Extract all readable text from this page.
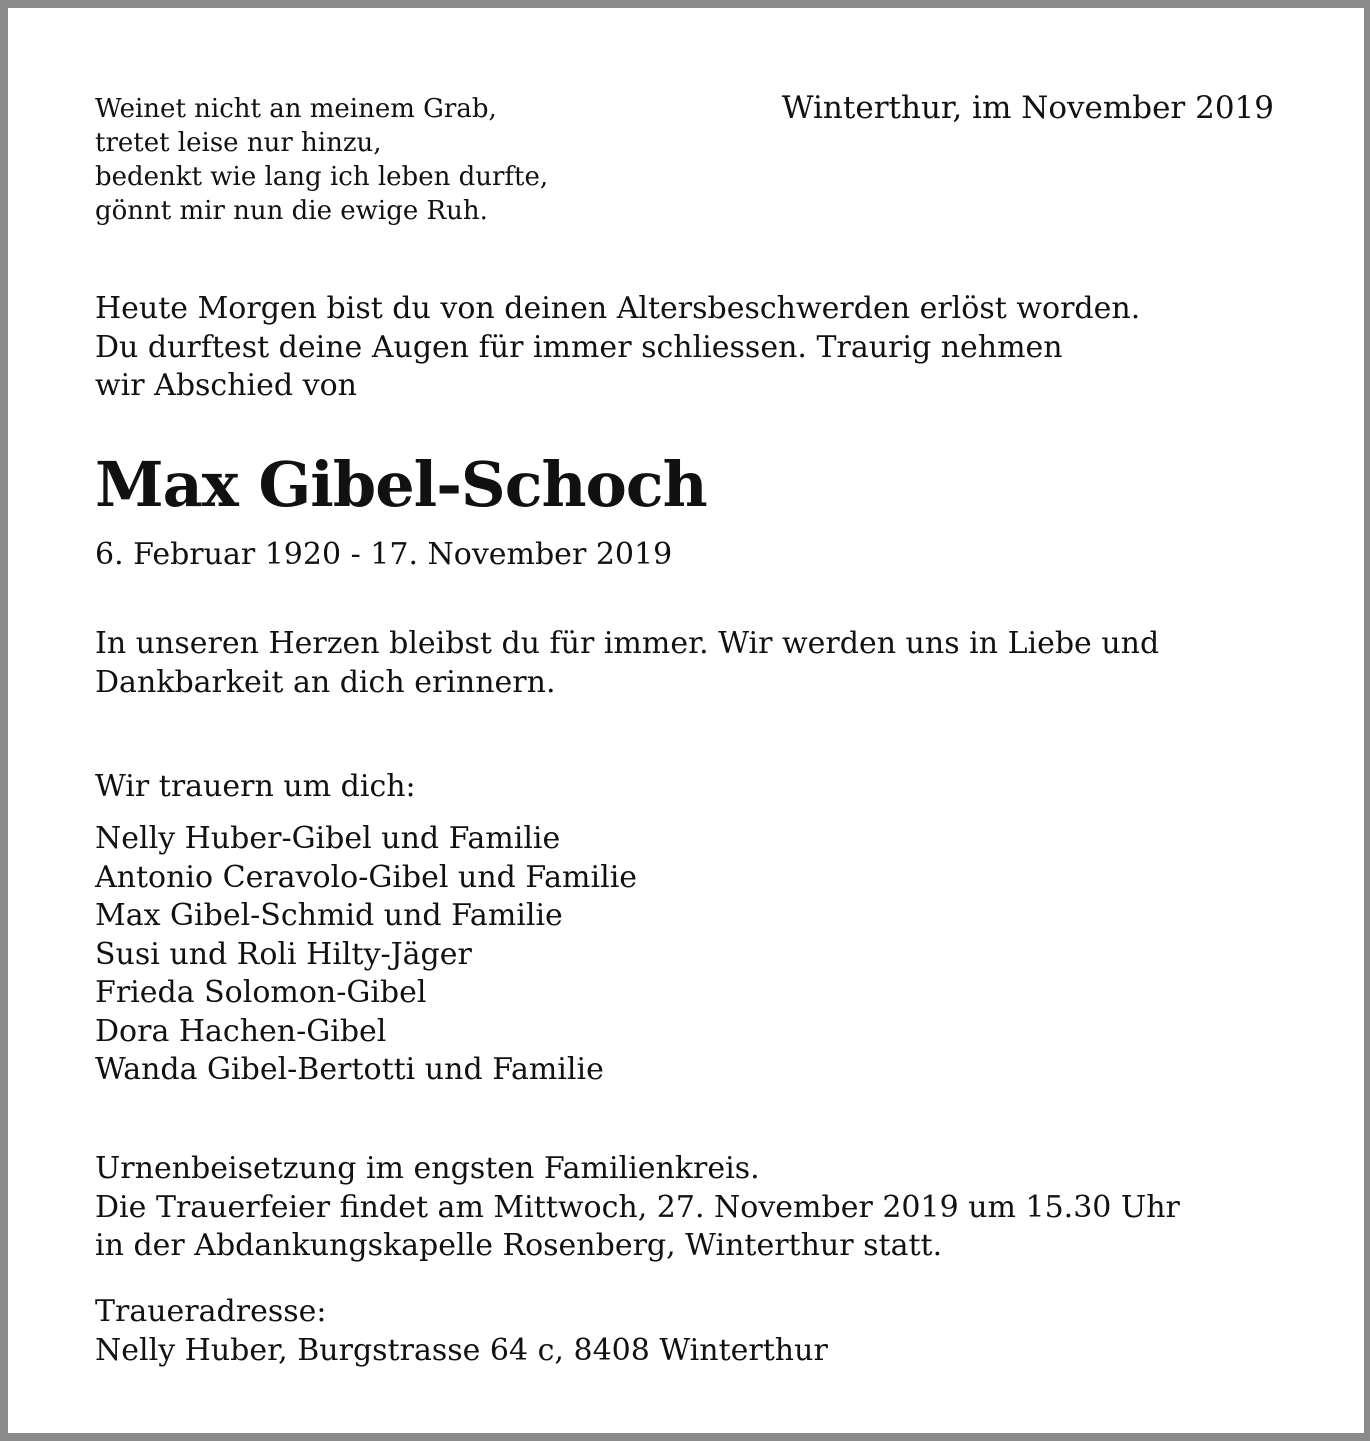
Weinet nicht an meinem Grab,
tretet leise nur hinzu,
bedenkt wie lang ich leben durfte,
gönnt mir nun die ewige Ruh.

Winterthur, im November 2019

Heute Morgen bist du von deinen Altersbeschwerden erlöst worden.
Du durftest deine Augen für immer schliessen. Traurig nehmen
wir Abschied von
Max Gibel-Schoch

6. Februar 1920 - 17. November 2019

In unseren Herzen bleibst du für immer. Wir werden uns in Liebe und
Dankbarkeit an dich erinnern.

Wir trauern um dich:

Nelly Huber-Gibel und Familie
Antonio Ceravolo-Gibel und Familie
Max Gibel-Schmid und Familie
Susi und Roli Hilty-Jäger
Frieda Solomon-Gibel
Dora Hachen-Gibel
Wanda Gibel-Bertotti und Familie
Urnenbeisetzung im engsten Familienkreis.
Die Trauerfeier findet am Mittwoch, 27. November 2019 um 15.30 Uhr
in der Abdankungskapelle Rosenberg, Winterthur statt.
Traueradresse:
Nelly Huber, Burgstrasse 64 c, 8408 Winterthur
